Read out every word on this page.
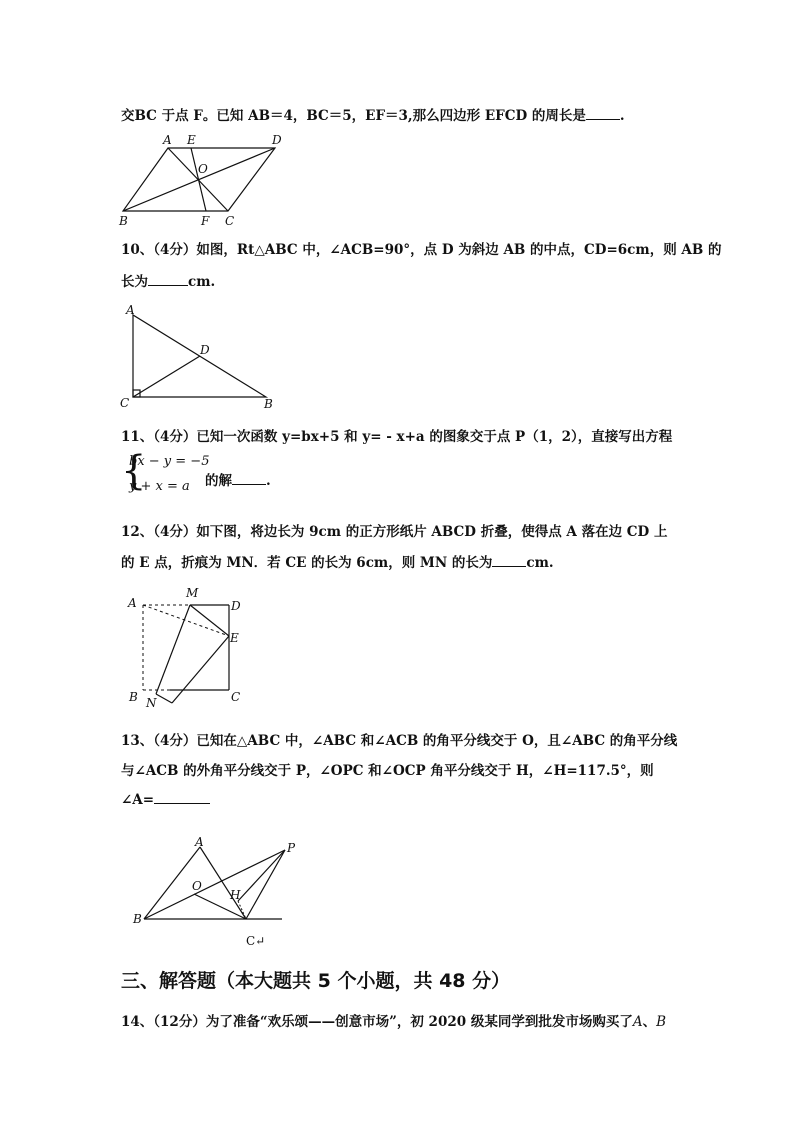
交BC 于点 F。已知 AB＝4，BC＝5，EF＝3,那么四边形 EFCD 的周长是	.
A E	D
O
B	F C
10、（4分）如图，Rt△ABC 中，∠ACB=90°，点 D 为斜边 AB 的中点，CD=6cm，则 AB 的
长为	cm.
A
D
C	B
11、（4分）已知一次函数 y=bx+5 和 y= - x+a 的图象交于点 P（1，2），直接写出方程
{
bx − y = −5
y + x = a 的解	.
12、（4分）如下图，将边长为 9cm 的正方形纸片 ABCD 折叠，使得点 A 落在边 CD 上
的 E 点，折痕为 MN．若 CE 的长为 6cm，则 MN 的长为	cm.
A
M
D
E
B N	C
13、（4分）已知在△ABC 中，∠ABC 和∠ACB 的角平分线交于 O，且∠ABC 的角平分线
与∠ACB 的外角平分线交于 P，∠OPC 和∠OCP 角平分线交于 H，∠H=117.5°，则
∠A=
A	P
O
H
B
C↵
三、解答题（本大题共 5 个小题，共 48 分）
14、（12分）为了准备“欢乐颂——创意市场”，初 2020 级某同学到批发市场购买了A、B
